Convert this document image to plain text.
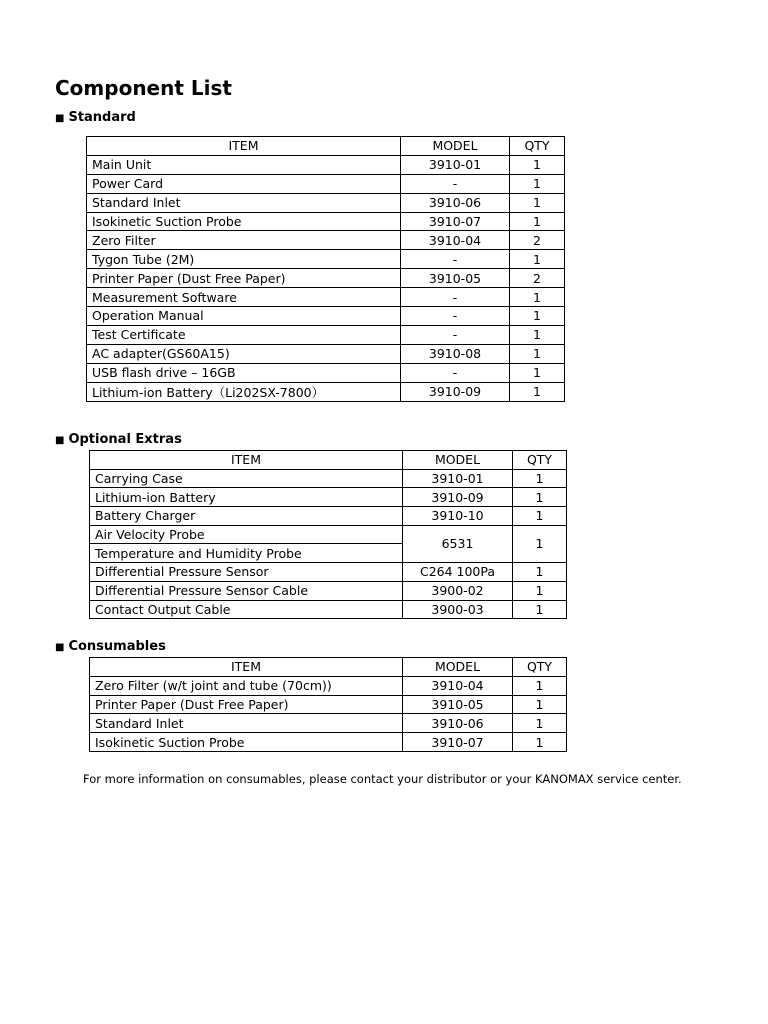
Component List
■ Standard
ITEM	MODEL	QTY
Main Unit	3910-01	1
Power Card	-	1
Standard Inlet	3910-06	1
Isokinetic Suction Probe	3910-07	1
Zero Filter	3910-04	2
Tygon Tube (2M)	-	1
Printer Paper (Dust Free Paper)	3910-05	2
Measurement Software	-	1
Operation Manual	-	1
Test Certificate	-	1
AC adapter(GS60A15)	3910-08	1
USB flash drive – 16GB	-	1
Lithium-ion Battery（Li202SX-7800）	3910-09	1
■ Optional Extras
ITEM	MODEL	QTY
Carrying Case	3910-01	1
Lithium-ion Battery	3910-09	1
Battery Charger	3910-10	1
Air Velocity Probe	6531	1
Temperature and Humidity Probe		
Differential Pressure Sensor	C264 100Pa	1
Differential Pressure Sensor Cable	3900-02	1
Contact Output Cable	3900-03	1
■ Consumables
ITEM	MODEL	QTY
Zero Filter (w/t joint and tube (70cm))	3910-04	1
Printer Paper (Dust Free Paper)	3910-05	1
Standard Inlet	3910-06	1
Isokinetic Suction Probe	3910-07	1

For more information on consumables, please contact your distributor or your KANOMAX service center.
